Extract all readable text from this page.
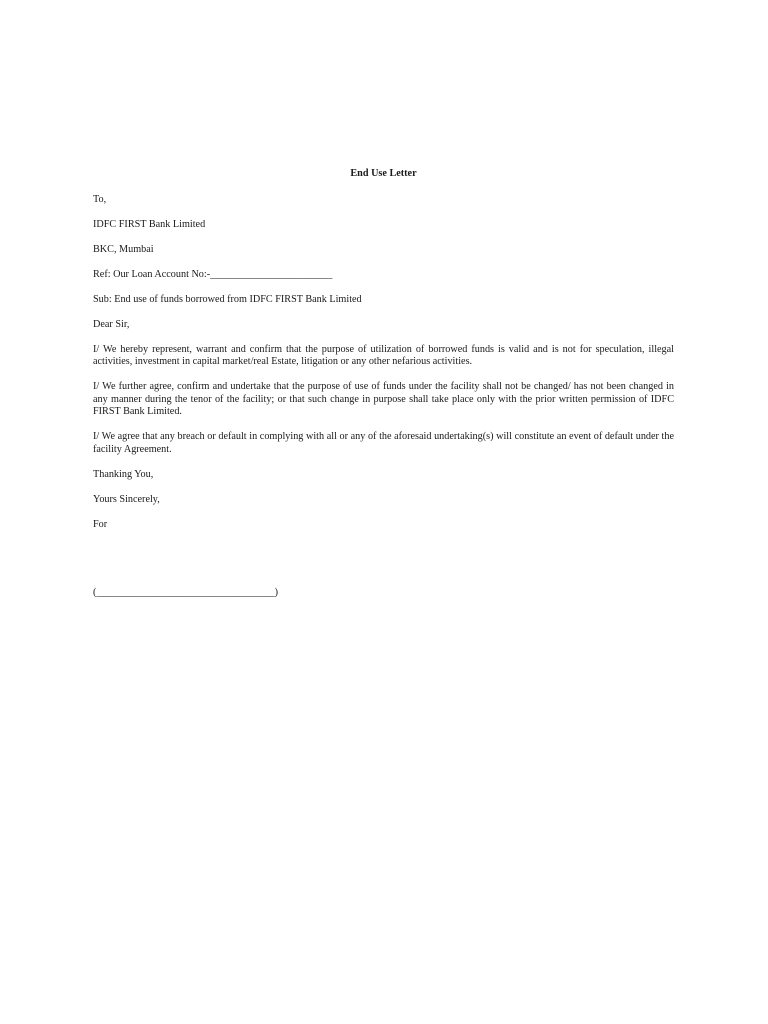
End Use Letter
To,
IDFC FIRST Bank Limited
BKC, Mumbai
Ref: Our Loan Account No:-________________________
Sub: End use of funds borrowed from IDFC FIRST Bank Limited
Dear Sir,
I/ We hereby represent, warrant and confirm that the purpose of utilization of borrowed funds is valid and is not for speculation, illegal activities, investment in capital market/real Estate, litigation or any other nefarious activities.
I/ We further agree, confirm and undertake that the purpose of use of funds under the facility shall not be changed/ has not been changed in any manner during the tenor of the facility; or that such change in purpose shall take place only with the prior written permission of IDFC FIRST Bank Limited.
I/ We agree that any breach or default in complying with all or any of the aforesaid undertaking(s) will constitute an event of default under the facility Agreement.
Thanking You,
Yours Sincerely,
For
(___________________________________)
